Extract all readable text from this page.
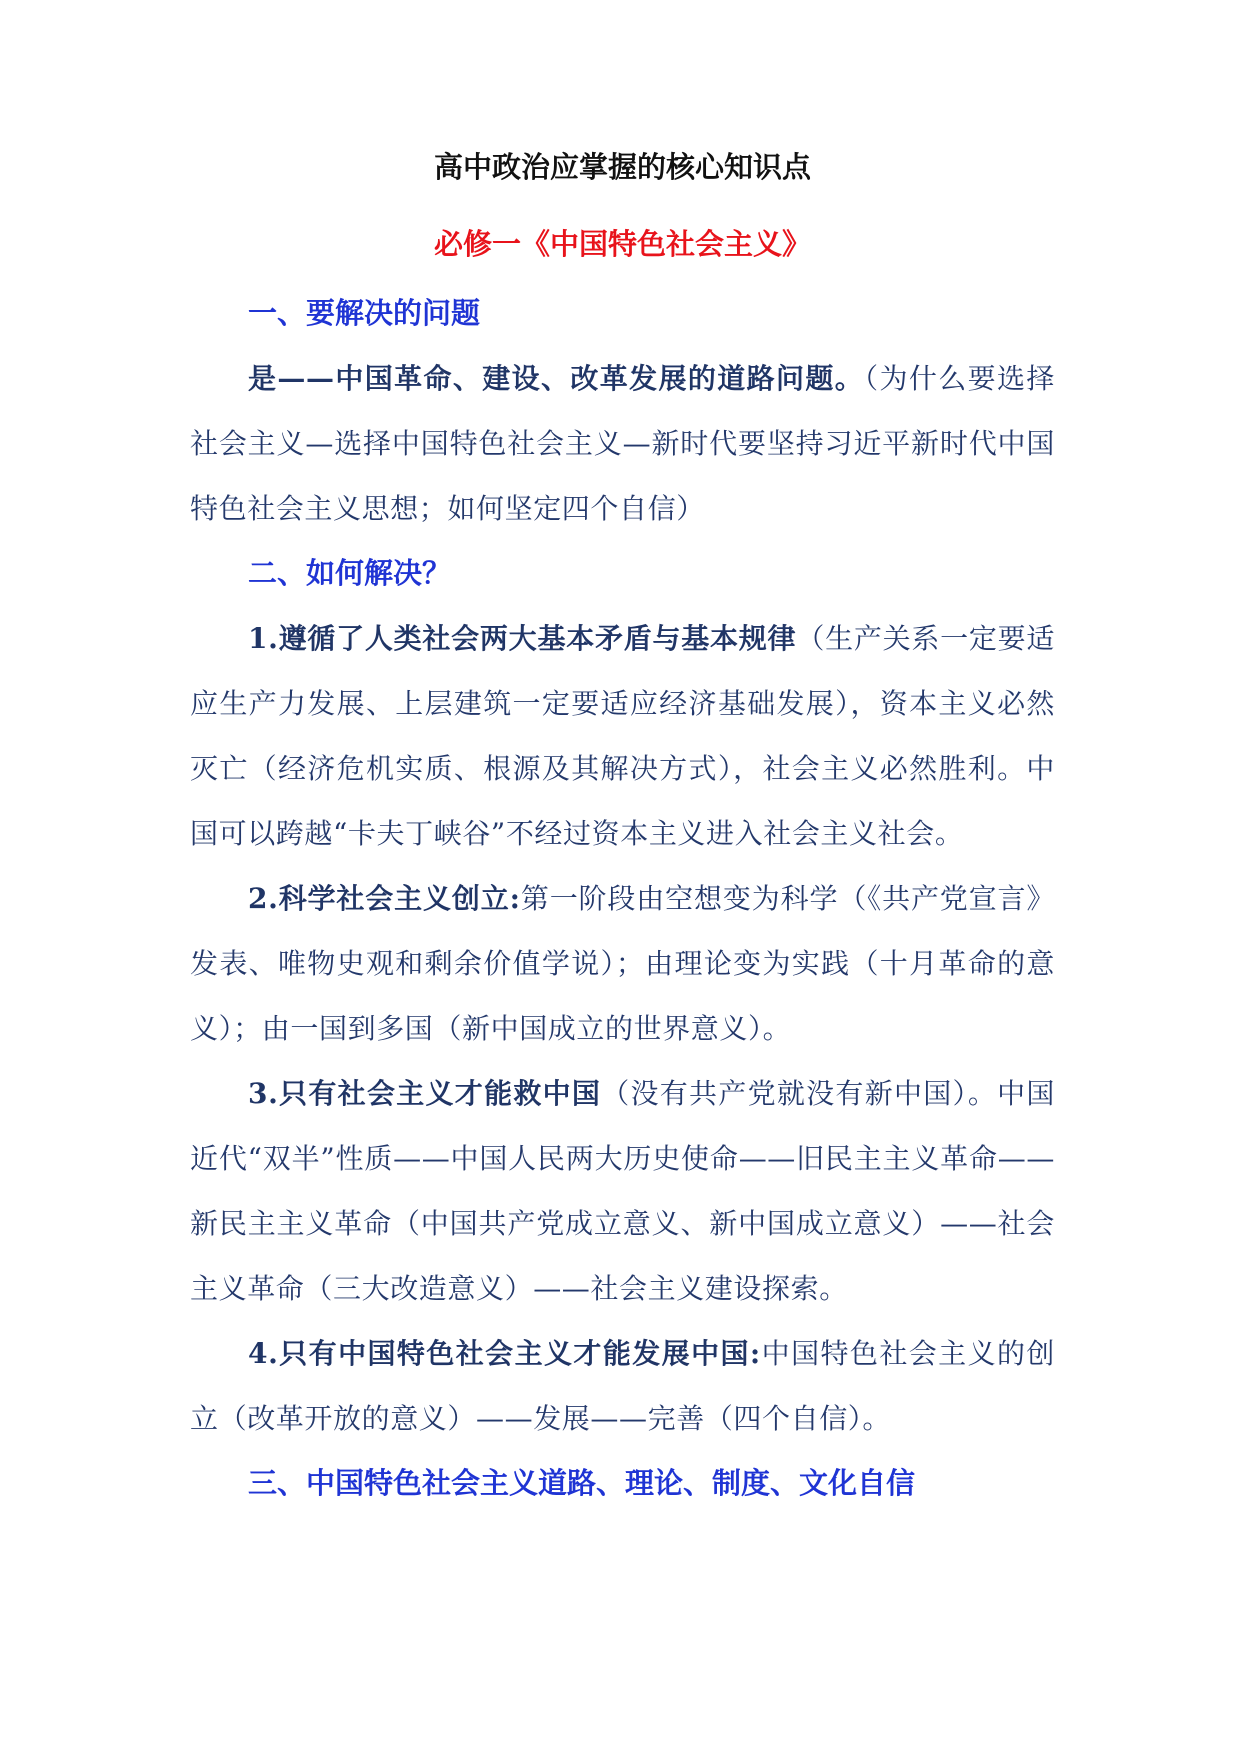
高中政治应掌握的核心知识点
必修一《中国特色社会主义》
一、要解决的问题

是——中国革命、建设、改革发展的道路问题。（为什么要选择社会主义—选择中国特色社会主义—新时代要坚持习近平新时代中国特色社会主义思想；如何坚定四个自信）

二、如何解决？

1.遵循了人类社会两大基本矛盾与基本规律（生产关系一定要适应生产力发展、上层建筑一定要适应经济基础发展），资本主义必然灭亡（经济危机实质、根源及其解决方式），社会主义必然胜利。中国可以跨越“卡夫丁峡谷”不经过资本主义进入社会主义社会。

2.科学社会主义创立:第一阶段由空想变为科学（《共产党宣言》发表、唯物史观和剩余价值学说）；由理论变为实践（十月革命的意义）；由一国到多国（新中国成立的世界意义）。

3.只有社会主义才能救中国（没有共产党就没有新中国）。中国近代“双半”性质——中国人民两大历史使命——旧民主主义革命——新民主主义革命（中国共产党成立意义、新中国成立意义）——社会主义革命（三大改造意义）——社会主义建设探索。

4.只有中国特色社会主义才能发展中国:中国特色社会主义的创立（改革开放的意义）——发展——完善（四个自信）。

三、中国特色社会主义道路、理论、制度、文化自信
